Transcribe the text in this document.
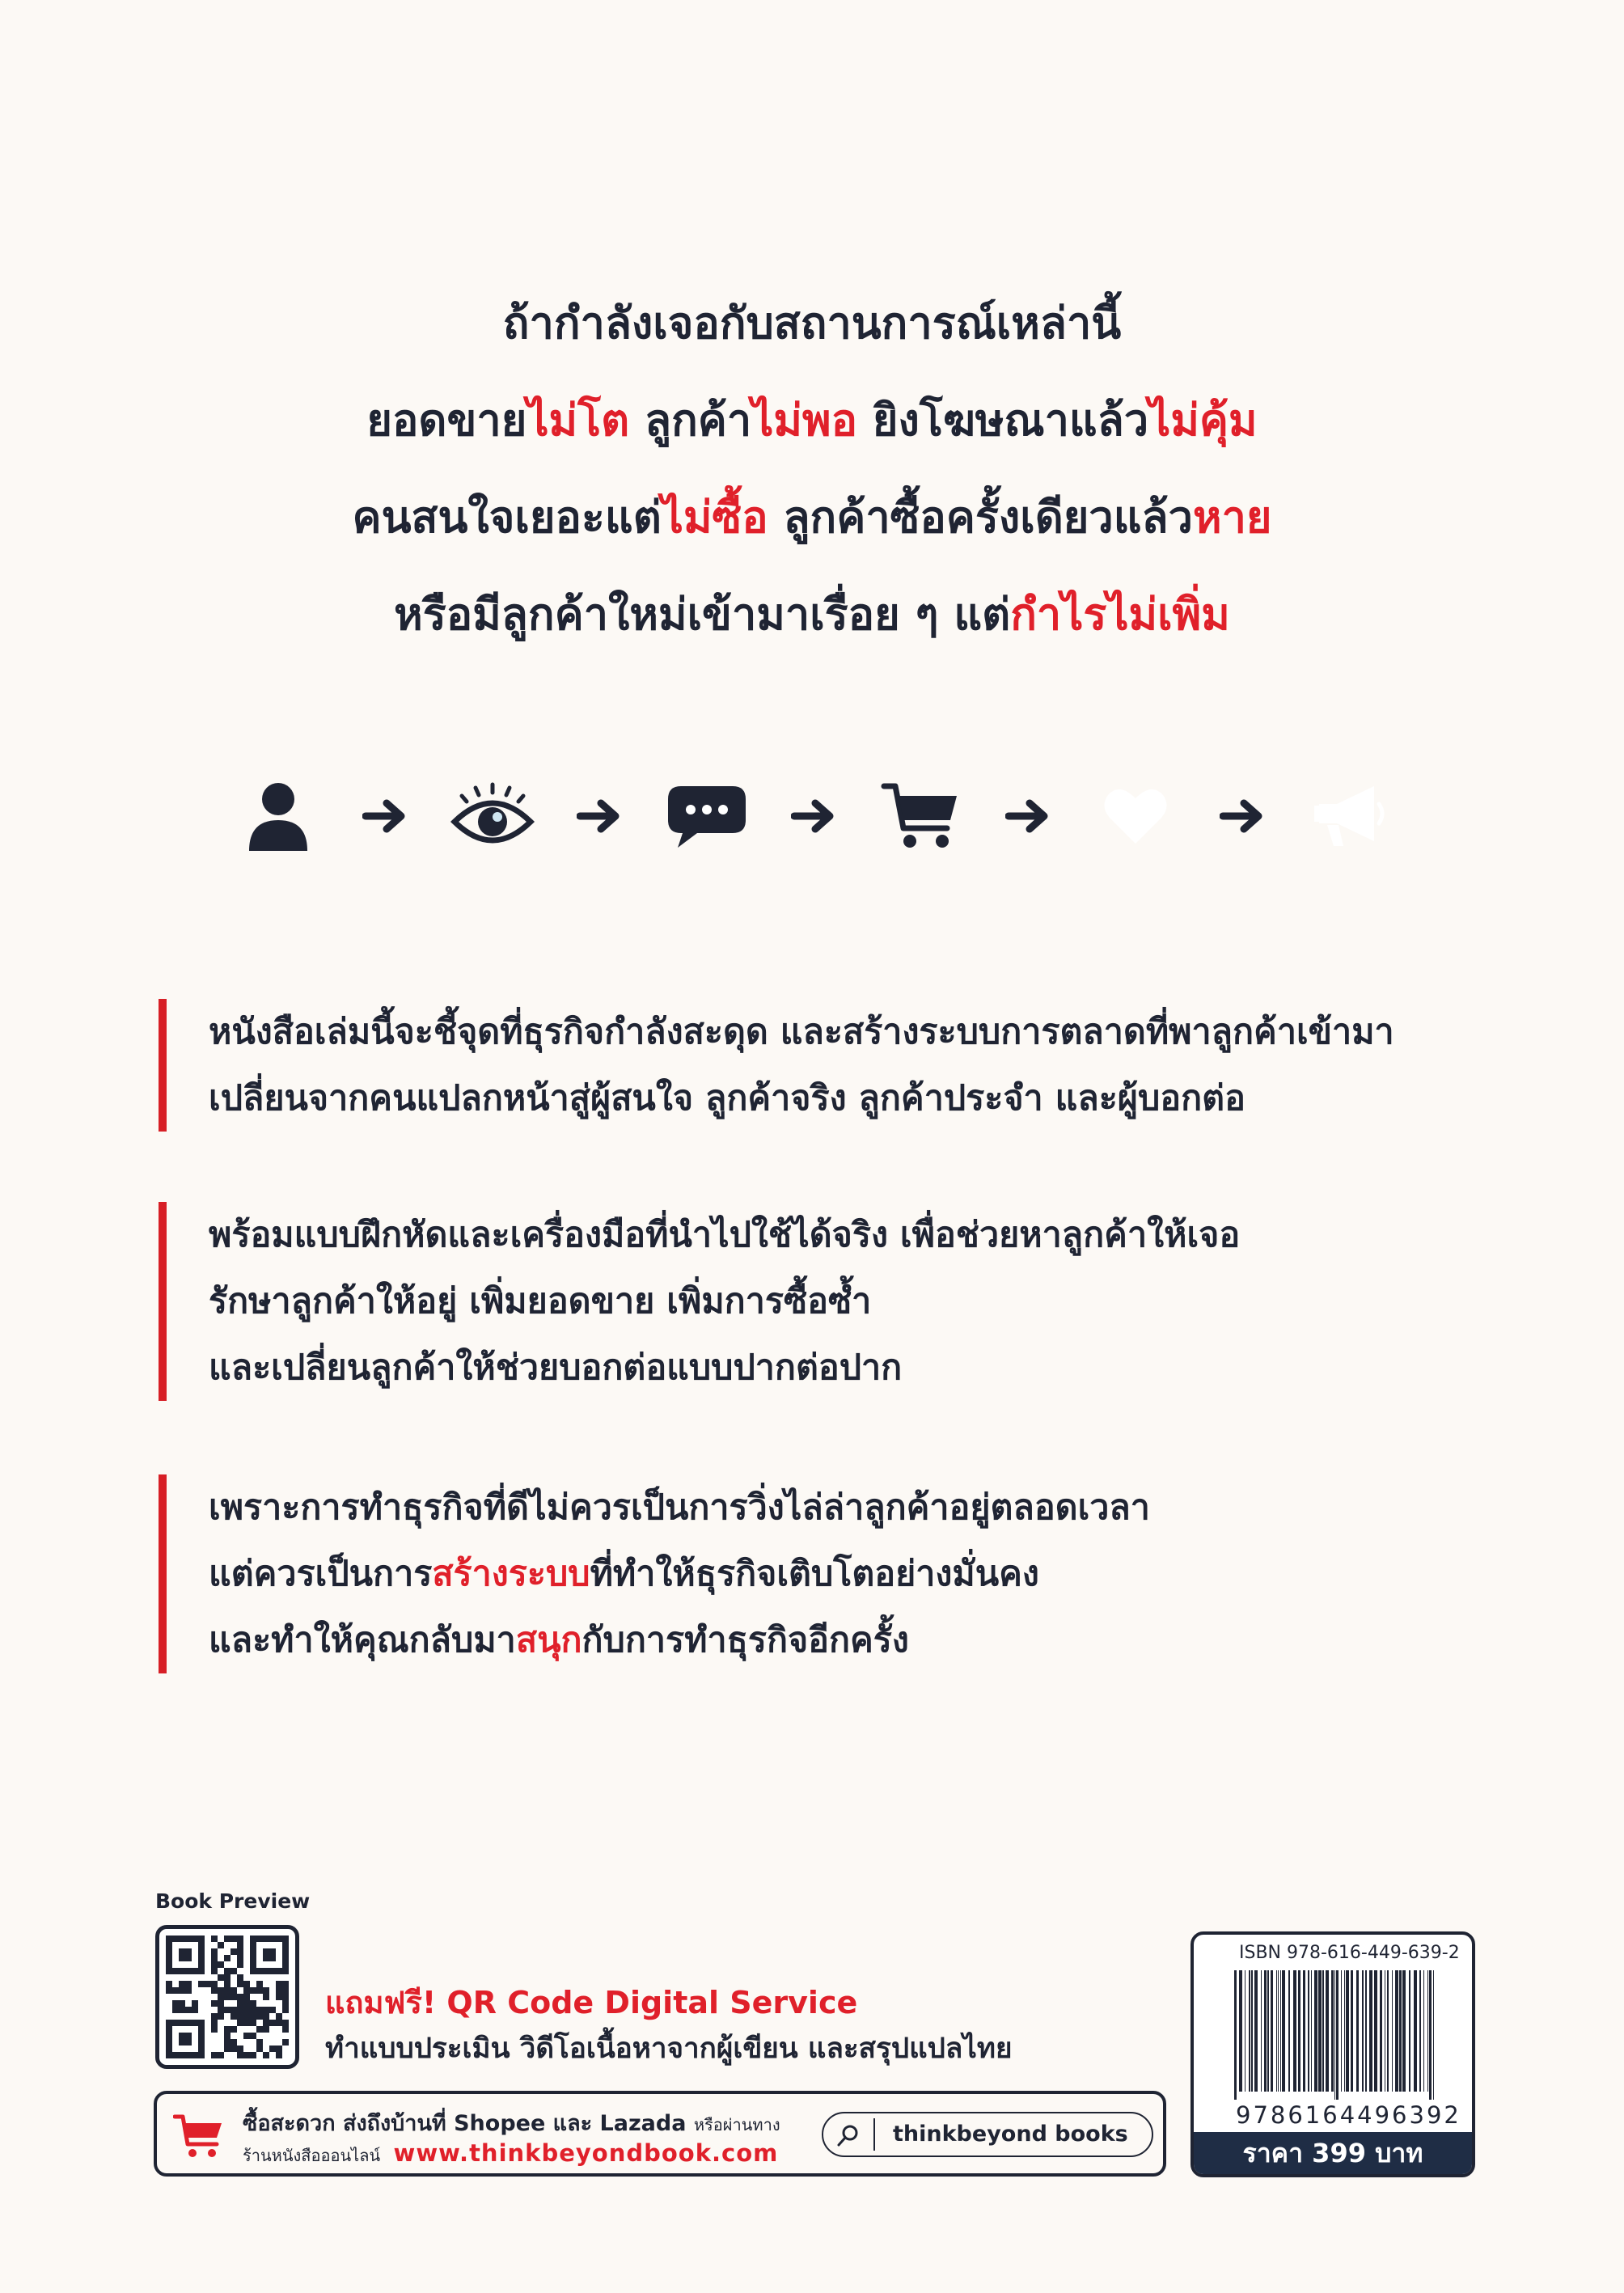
ถ้ากำลังเจอกับสถานการณ์เหล่านี้
ยอดขายไม่โต ลูกค้าไม่พอ ยิงโฆษณาแล้วไม่คุ้ม
คนสนใจเยอะแต่ไม่ซื้อ ลูกค้าซื้อครั้งเดียวแล้วหาย
หรือมีลูกค้าใหม่เข้ามาเรื่อย ๆ แต่กำไรไม่เพิ่ม
หนังสือเล่มนี้จะชี้จุดที่ธุรกิจกำลังสะดุด และสร้างระบบการตลาดที่พาลูกค้าเข้ามา
เปลี่ยนจากคนแปลกหน้าสู่ผู้สนใจ ลูกค้าจริง ลูกค้าประจำ และผู้บอกต่อ
พร้อมแบบฝึกหัดและเครื่องมือที่นำไปใช้ได้จริง เพื่อช่วยหาลูกค้าให้เจอ
รักษาลูกค้าให้อยู่ เพิ่มยอดขาย เพิ่มการซื้อซ้ำ
และเปลี่ยนลูกค้าให้ช่วยบอกต่อแบบปากต่อปาก
เพราะการทำธุรกิจที่ดีไม่ควรเป็นการวิ่งไล่ล่าลูกค้าอยู่ตลอดเวลา
แต่ควรเป็นการสร้างระบบที่ทำให้ธุรกิจเติบโตอย่างมั่นคง
และทำให้คุณกลับมาสนุกกับการทำธุรกิจอีกครั้ง
Book Preview
แถมฟรี! QR Code Digital Service
ทำแบบประเมิน วิดีโอเนื้อหาจากผู้เขียน และสรุปแปลไทย
ซื้อสะดวก ส่งถึงบ้านที่ Shopee และ Lazada หรือผ่านทาง
ร้านหนังสือออนไลน์ www.thinkbeyondbook.com
thinkbeyond books
ISBN 978-616-449-639-2
9786164496392
ราคา 399 บาท
